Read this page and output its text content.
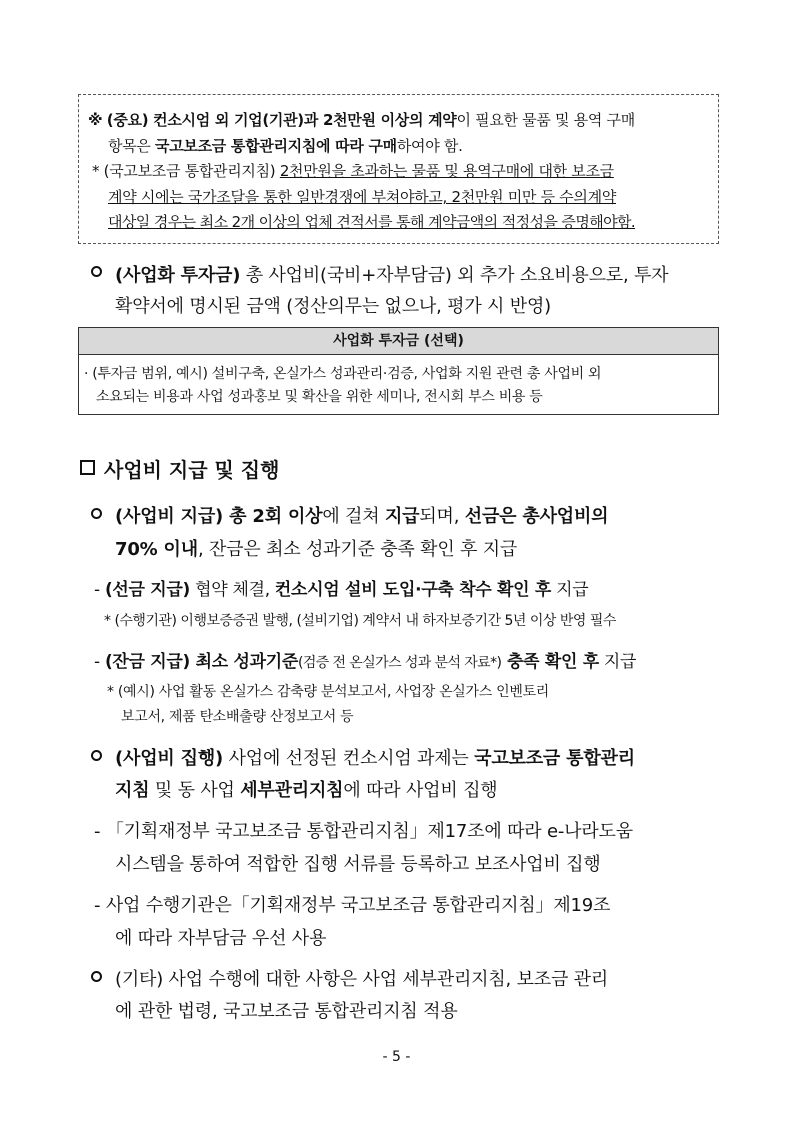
※ (중요) 컨소시엄 외 기업(기관)과 2천만원 이상의 계약이 필요한 물품 및 용역 구매
항목은 국고보조금 통합관리지침에 따라 구매하여야 함.
* (국고보조금 통합관리지침) 2천만원을 초과하는 물품 및 용역구매에 대한 보조금
계약 시에는 국가조달을 통한 일반경쟁에 부쳐야하고, 2천만원 미만 등 수의계약
대상일 경우는 최소 2개 이상의 업체 견적서를 통해 계약금액의 적정성을 증명해야함.
(사업화 투자금) 총 사업비(국비+자부담금) 외 추가 소요비용으로, 투자
확약서에 명시된 금액 (정산의무는 없으나, 평가 시 반영)
사업화 투자금 (선택)
· (투자금 범위, 예시) 설비구축, 온실가스 성과관리·검증, 사업화 지원 관련 총 사업비 외
소요되는 비용과 사업 성과홍보 및 확산을 위한 세미나, 전시회 부스 비용 등
사업비 지급 및 집행
(사업비 지급) 총 2회 이상에 걸쳐 지급되며, 선금은 총사업비의
70% 이내, 잔금은 최소 성과기준 충족 확인 후 지급
- (선금 지급) 협약 체결, 컨소시엄 설비 도입·구축 착수 확인 후 지급
* (수행기관) 이행보증증권 발행, (설비기업) 계약서 내 하자보증기간 5년 이상 반영 필수
- (잔금 지급) 최소 성과기준(검증 전 온실가스 성과 분석 자료*) 충족 확인 후 지급
* (예시) 사업 활동 온실가스 감축량 분석보고서, 사업장 온실가스 인벤토리
보고서, 제품 탄소배출량 산정보고서 등
(사업비 집행) 사업에 선정된 컨소시엄 과제는 국고보조금 통합관리
지침 및 동 사업 세부관리지침에 따라 사업비 집행
- 「기획재정부 국고보조금 통합관리지침」제17조에 따라 e-나라도움
시스템을 통하여 적합한 집행 서류를 등록하고 보조사업비 집행
- 사업 수행기관은「기획재정부 국고보조금 통합관리지침」제19조
에 따라 자부담금 우선 사용
(기타) 사업 수행에 대한 사항은 사업 세부관리지침, 보조금 관리
에 관한 법령, 국고보조금 통합관리지침 적용
- 5 -
